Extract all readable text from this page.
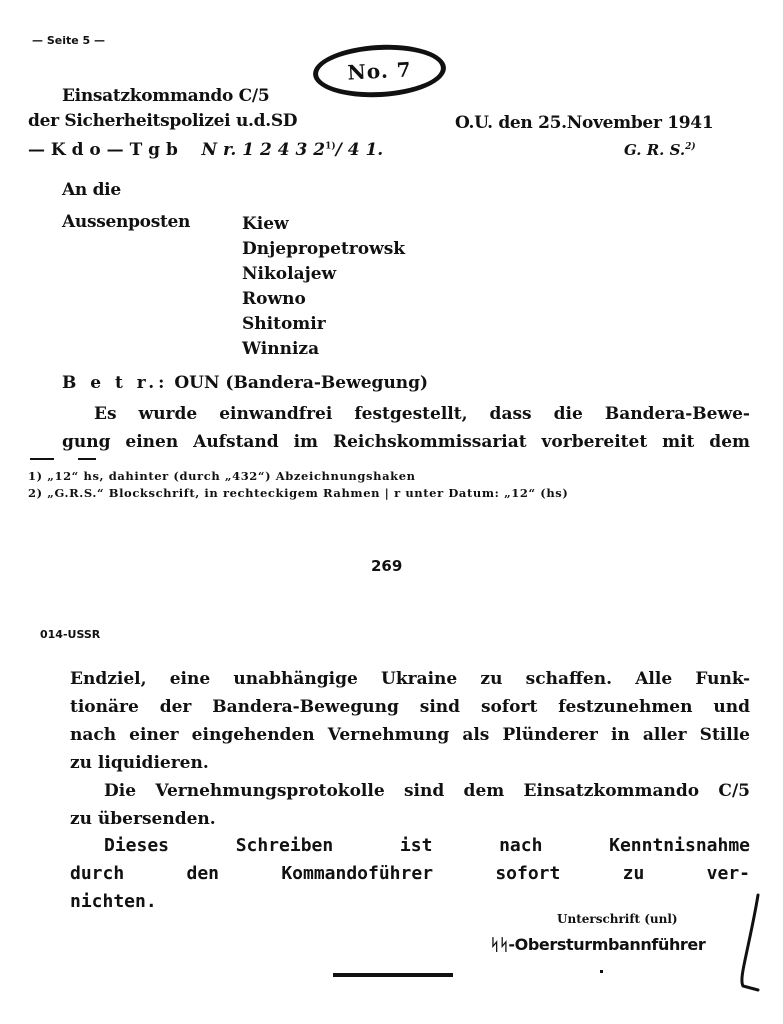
— Seite 5 —
No. 7
Einsatzkommando C/5
der Sicherheitspolizei u.d.SD	O.U. den 25.November 1941
— K d o — T g b N r. 1 2 4 3 2$^{1)}$/ 4 1.	G. R. S.$^{2)}$
An die
Aussenposten	Kiew
Dnjepropetrowsk
Nikolajew
Rowno
Shitomir
Winniza
B e t r.: OUN (Bandera-Bewegung)
Es wurde einwandfrei festgestellt, dass die Bandera-Bewe-
gung einen Aufstand im Reichskommissariat vorbereitet mit dem
1) „12“ hs, dahinter (durch „432“) Abzeichnungshaken
2) „G.R.S.“ Blockschrift, in rechteckigem Rahmen | r unter Datum: „12“ (hs)
269
014-USSR
Endziel, eine unabhängige Ukraine zu schaffen. Alle Funk-
tionäre der Bandera-Bewegung sind sofort festzunehmen und
nach einer eingehenden Vernehmung als Plünderer in aller Stille
zu liquidieren.
Die Vernehmungsprotokolle sind dem Einsatzkommando C/5
zu übersenden.
Dieses Schreiben ist nach Kenntnisnahme
durch den Kommandoführer sofort zu ver-
nichten.
Unterschrift (unl)
ᛋᛋ-Obersturmbannführer
